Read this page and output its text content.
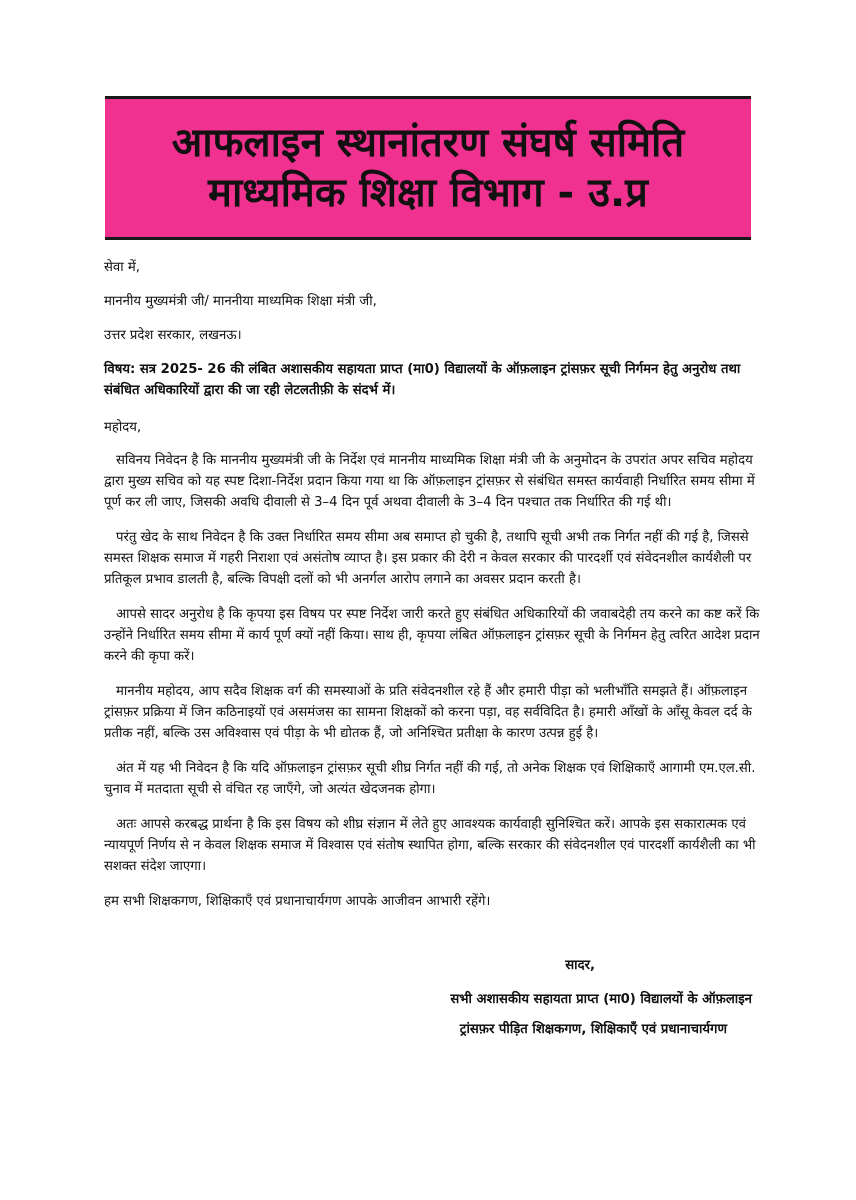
आफलाइन स्थानांतरण संघर्ष समिति
माध्यमिक शिक्षा विभाग - उ.प्र

सेवा में,

माननीय मुख्यमंत्री जी/ माननीया माध्यमिक शिक्षा मंत्री जी,

उत्तर प्रदेश सरकार, लखनऊ।

विषय: सत्र 2025- 26 की लंबित अशासकीय सहायता प्राप्त (मा0) विद्यालयों के ऑफ़लाइन ट्रांसफ़र सूची निर्गमन हेतु अनुरोध तथा संबंधित अधिकारियों द्वारा की जा रही लेटलतीफ़ी के संदर्भ में।

महोदय,

सविनय निवेदन है कि माननीय मुख्यमंत्री जी के निर्देश एवं माननीय माध्यमिक शिक्षा मंत्री जी के अनुमोदन के उपरांत अपर सचिव महोदय द्वारा मुख्य सचिव को यह स्पष्ट दिशा-निर्देश प्रदान किया गया था कि ऑफ़लाइन ट्रांसफ़र से संबंधित समस्त कार्यवाही निर्धारित समय सीमा में पूर्ण कर ली जाए, जिसकी अवधि दीवाली से 3–4 दिन पूर्व अथवा दीवाली के 3–4 दिन पश्चात तक निर्धारित की गई थी।

परंतु खेद के साथ निवेदन है कि उक्त निर्धारित समय सीमा अब समाप्त हो चुकी है, तथापि सूची अभी तक निर्गत नहीं की गई है, जिससे समस्त शिक्षक समाज में गहरी निराशा एवं असंतोष व्याप्त है। इस प्रकार की देरी न केवल सरकार की पारदर्शी एवं संवेदनशील कार्यशैली पर प्रतिकूल प्रभाव डालती है, बल्कि विपक्षी दलों को भी अनर्गल आरोप लगाने का अवसर प्रदान करती है।

आपसे सादर अनुरोध है कि कृपया इस विषय पर स्पष्ट निर्देश जारी करते हुए संबंधित अधिकारियों की जवाबदेही तय करने का कष्ट करें कि उन्होंने निर्धारित समय सीमा में कार्य पूर्ण क्यों नहीं किया। साथ ही, कृपया लंबित ऑफ़लाइन ट्रांसफ़र सूची के निर्गमन हेतु त्वरित आदेश प्रदान करने की कृपा करें।

माननीय महोदय, आप सदैव शिक्षक वर्ग की समस्याओं के प्रति संवेदनशील रहे हैं और हमारी पीड़ा को भलीभाँति समझते हैं। ऑफ़लाइन ट्रांसफ़र प्रक्रिया में जिन कठिनाइयों एवं असमंजस का सामना शिक्षकों को करना पड़ा, वह सर्वविदित है। हमारी आँखों के आँसू केवल दर्द के प्रतीक नहीं, बल्कि उस अविश्वास एवं पीड़ा के भी द्योतक हैं, जो अनिश्चित प्रतीक्षा के कारण उत्पन्न हुई है।

अंत में यह भी निवेदन है कि यदि ऑफ़लाइन ट्रांसफ़र सूची शीघ्र निर्गत नहीं की गई, तो अनेक शिक्षक एवं शिक्षिकाएँ आगामी एम.एल.सी. चुनाव में मतदाता सूची से वंचित रह जाएँगे, जो अत्यंत खेदजनक होगा।

अतः आपसे करबद्ध प्रार्थना है कि इस विषय को शीघ्र संज्ञान में लेते हुए आवश्यक कार्यवाही सुनिश्चित करें। आपके इस सकारात्मक एवं न्यायपूर्ण निर्णय से न केवल शिक्षक समाज में विश्वास एवं संतोष स्थापित होगा, बल्कि सरकार की संवेदनशील एवं पारदर्शी कार्यशैली का भी सशक्त संदेश जाएगा।

हम सभी शिक्षकगण, शिक्षिकाएँ एवं प्रधानाचार्यगण आपके आजीवन आभारी रहेंगे।

सादर,

सभी अशासकीय सहायता प्राप्त (मा0) विद्यालयों के ऑफ़लाइन

ट्रांसफ़र पीड़ित शिक्षकगण, शिक्षिकाएँ एवं प्रधानाचार्यगण
